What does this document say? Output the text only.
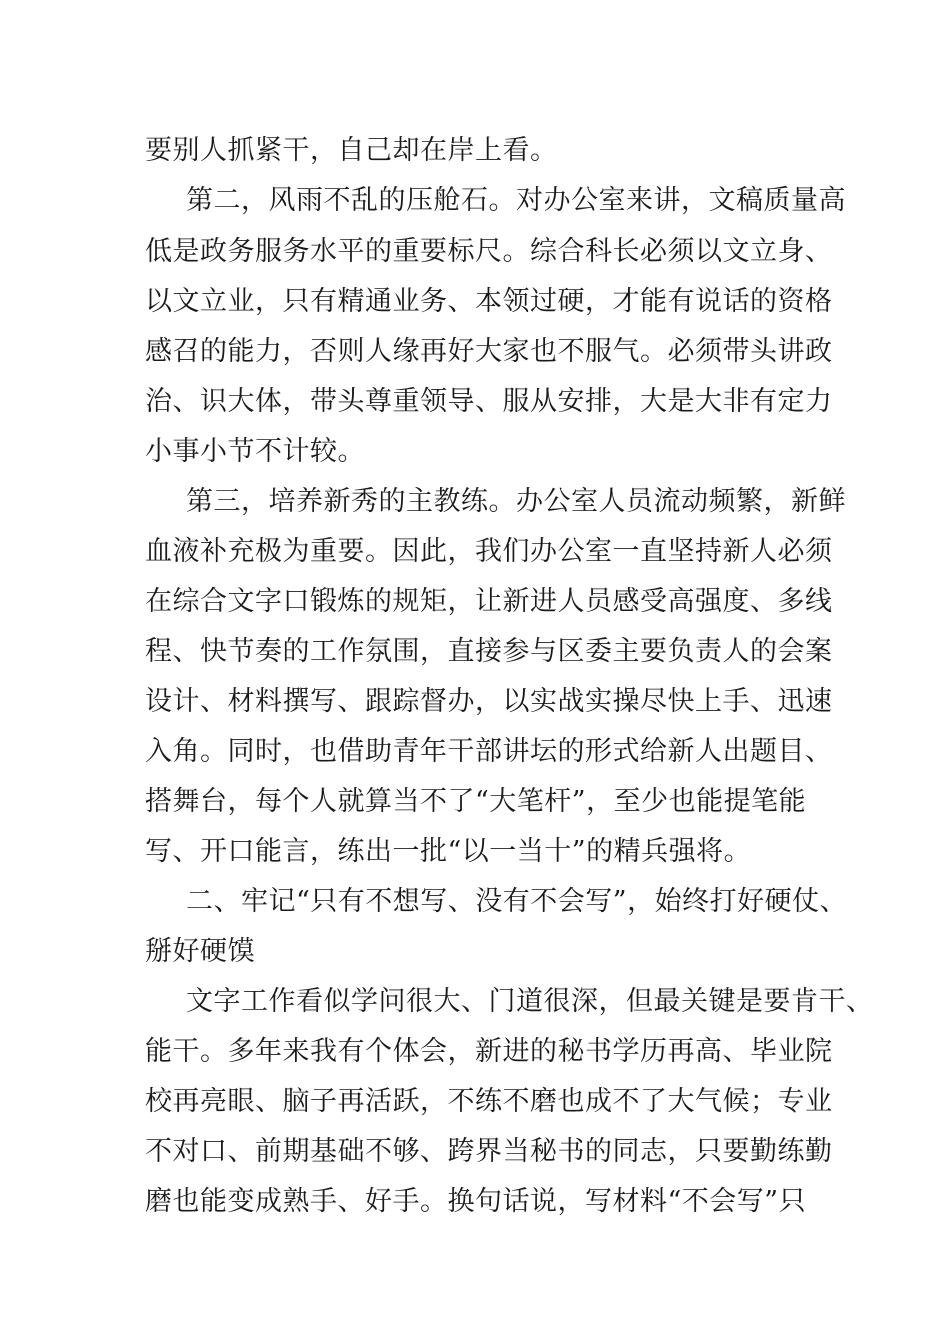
要别人抓紧干，自己却在岸上看。
第二，风雨不乱的压舱石。对办公室来讲，文稿质量高
低是政务服务水平的重要标尺。综合科长必须以文立身、
以文立业，只有精通业务、本领过硬，才能有说话的资格
感召的能力，否则人缘再好大家也不服气。必须带头讲政
治、识大体，带头尊重领导、服从安排，大是大非有定力
小事小节不计较。
第三，培养新秀的主教练。办公室人员流动频繁，新鲜
血液补充极为重要。因此，我们办公室一直坚持新人必须
在综合文字口锻炼的规矩，让新进人员感受高强度、多线
程、快节奏的工作氛围，直接参与区委主要负责人的会案
设计、材料撰写、跟踪督办，以实战实操尽快上手、迅速
入角。同时，也借助青年干部讲坛的形式给新人出题目、
搭舞台，每个人就算当不了“大笔杆”，至少也能提笔能
写、开口能言，练出一批“以一当十”的精兵强将。
二、牢记“只有不想写、没有不会写”，始终打好硬仗、
掰好硬馍
文字工作看似学问很大、门道很深，但最关键是要肯干、
能干。多年来我有个体会，新进的秘书学历再高、毕业院
校再亮眼、脑子再活跃，不练不磨也成不了大气候；专业
不对口、前期基础不够、跨界当秘书的同志，只要勤练勤
磨也能变成熟手、好手。换句话说，写材料“不会写”只
